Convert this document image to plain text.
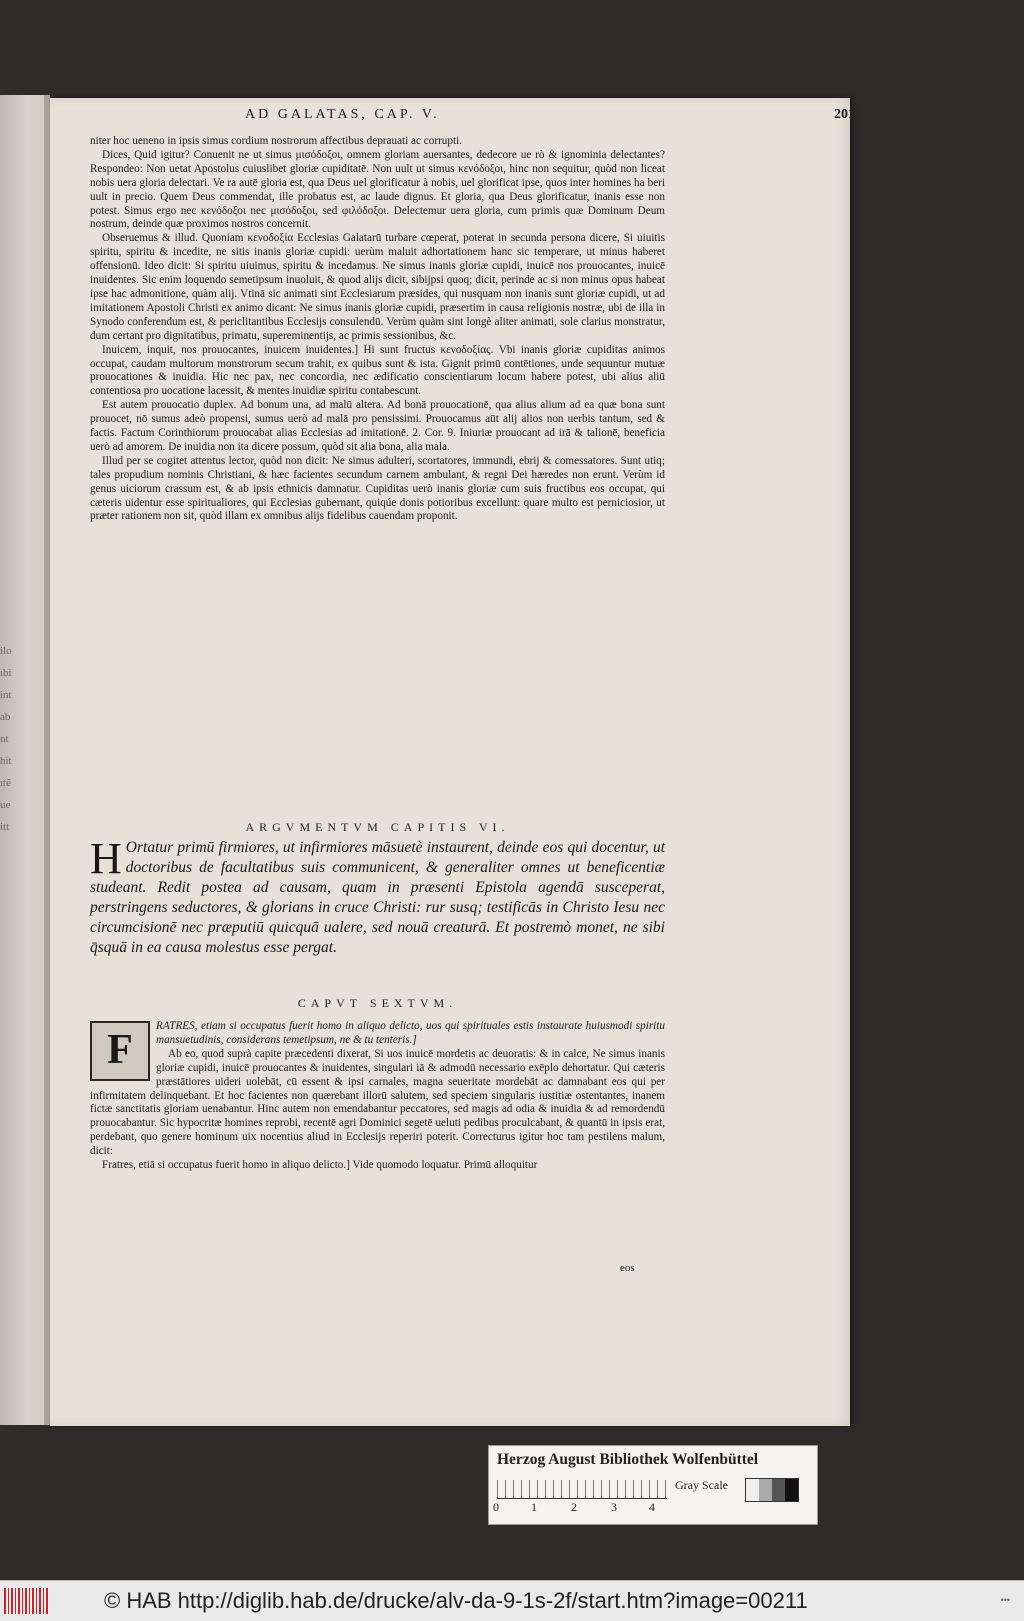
ilo
ıbi
int
ab
nt
hit
ıtē
ue
itt
AD GALATAS, CAP. V.	201

niter hoc ueneno in ipsis simus cordium nostrorum affectibus deprauati ac corrupti.

Dices, Quid igitur? Conuenit ne ut simus μισόδοξοι, omnem gloriam auersantes, dedecore ue rò & ignominia delectantes? Respondeo: Non uetat Apostolus cuiuslibet gloriæ cupiditatē. Non uult ut simus κενόδοξοι, hinc non sequitur, quòd non liceat nobis uera gloria delectari. Ve ra autē gloria est, qua Deus uel glorificatur à nobis, uel glorificat ipse, quos inter homines ha beri uult in precio. Quem Deus commendat, ille probatus est, ac laude dignus. Et gloria, qua Deus glorificatur, inanis esse non potest. Simus ergo nec κενόδοξοι nec μισόδοξοι, sed φιλόδοξοι. Delectemur uera gloria, cum primis quæ Dominum Deum nostrum, deinde quæ proximos nostros concernit.

Obseruemus & illud. Quoniam κενοδοξία Ecclesias Galatarū turbare cœperat, poterat in secunda persona dicere, Si uiuitis spiritu, spiritu & incedite, ne sitis inanis gloriæ cupidi: uerùm maluit adhortationem hanc sic temperare, ut minus haberet offensionū. Ideo dicit: Si spiritu uiuimus, spiritu & incedamus. Ne simus inanis gloriæ cupidi, inuicē nos prouocantes, inuicē inuidentes. Sic enim loquendo semetipsum inuoluit, & quod alijs dicit, sibijpsi quoq; dicit, perinde ac si non minus opus habeat ipse hac admonitione, quàm alij. Vtinā sic animati sint Ecclesiarum præsides, qui nusquam non inanis sunt gloriæ cupidi, ut ad imitationem Apostoli Christi ex animo dicant: Ne simus inanis gloriæ cupidi, præsertim in causa religionis nostræ, ubi de illa in Synodo conferendum est, & periclitantibus Ecclesijs consulendū. Verùm quàm sint longè aliter animati, sole clarius monstratur, dum certant pro dignitatibus, primatu, supereminentijs, ac primis sessionibus, &c.

Inuicem, inquit, nos prouocantes, inuicem inuidentes.] Hi sunt fructus κενοδοξίας. Vbi inanis gloriæ cupiditas animos occupat, caudam multorum monstrorum secum trahit, ex quibus sunt & ista. Gignit primū contētiones, unde sequuntur mutuæ prouocationes & inuidia. Hic nec pax, nec concordia, nec ædificatio conscientiarum locum habere potest, ubi alius aliū contentiosa pro uocatione lacessit, & mentes inuidiæ spiritu contabescunt.

Est autem prouocatio duplex. Ad bonum una, ad malū altera. Ad bonā prouocationē, qua alius alium ad ea quæ bona sunt prouocet, nō sumus adeò propensi, sumus uerò ad malā pro pensissimi. Prouocamus aūt alij alios non uerbis tantum, sed & factis. Factum Corinthiorum prouocabat alias Ecclesias ad imitationē. 2. Cor. 9. Iniuriæ prouocant ad irā & talionē, beneficia uerò ad amorem. De inuidia non ita dicere possum, quòd sit alia bona, alia mala.

Illud per se cogitet attentus lector, quòd non dicit: Ne simus adulteri, scortatores, immundi, ebrij & comessatores. Sunt utiq; tales propudium nominis Christiani, & hæc facientes secundum carnem ambulant, & regni Dei hæredes non erunt. Verùm id genus uiciorum crassum est, & ab ipsis ethnicis damnatur. Cupiditas uerò inanis gloriæ cum suis fructibus eos occupat, qui cæteris uidentur esse spiritualiores, qui Ecclesias gubernant, quiqúe donis potioribus excellunt: quare multo est perniciosior, ut præter rationem non sit, quòd illam ex omnibus alijs fidelibus cauendam proponit.

ARGVMENTVM CAPITIS VI.
H Ortatur primū firmiores, ut infirmiores māsuetè instaurent, deinde eos qui docentur, ut doctoribus de facultatibus suis communicent, & generaliter omnes ut beneficentiæ studeant. Redit postea ad causam, quam in præsenti Epistola agendā susceperat, perstringens seductores, & glorians in cruce Christi: rur susq; testificās in Christo Iesu nec circumcisionē nec præputiū quicquā ualere, sed nouā creaturā. Et postremò monet, ne sibi q̄squā in ea causa molestus esse pergat.
CAPVT SEXTVM.
F

RATRES, etiam si occupatus fuerit homo in aliquo delicto, uos qui spirituales estis instaurate huiusmodi spiritu mansuetudinis, considerans temetipsum, ne & tu tenteris.]

Ab eo, quod suprà capite præcedenti dixerat, Si uos inuicē mordetis ac deuoratis: & in calce, Ne simus inanis gloriæ cupidi, inuicē prouocantes & inuidentes, singulari iā & admodū necessario exēplo dehortatur. Qui cæteris præstātiores uideri uolebāt, cū essent & ipsi carnales, magna seueritate mordebāt ac damnabant eos qui per infirmitatem delinquebant. Et hoc facientes non quærebant illorū salutem, sed speciem singularis iustitiæ ostentantes, inanem fictæ sanctitatis gloriam uenabantur. Hinc autem non emendabantur peccatores, sed magis ad odia & inuidia & ad remordendū prouocabantur. Sic hypocritæ homines reprobi, recentē agri Dominici segetē ueluti pedibus proculcabant, & quantū in ipsis erat, perdebant, quo genere hominum uix nocentius aliud in Ecclesijs reperiri poterit. Correcturus igitur hoc tam pestilens malum, dicit:

Fratres, etiā si occupatus fuerit homo in aliquo delicto.] Vide quomodo loquatur. Primū alloquitur

eos
Herzog August Bibliothek Wolfenbüttel
0	1	2	3	4
Gray Scale
© HAB http://diglib.hab.de/drucke/alv-da-9-1s-2f/start.htm?image=00211	•••
